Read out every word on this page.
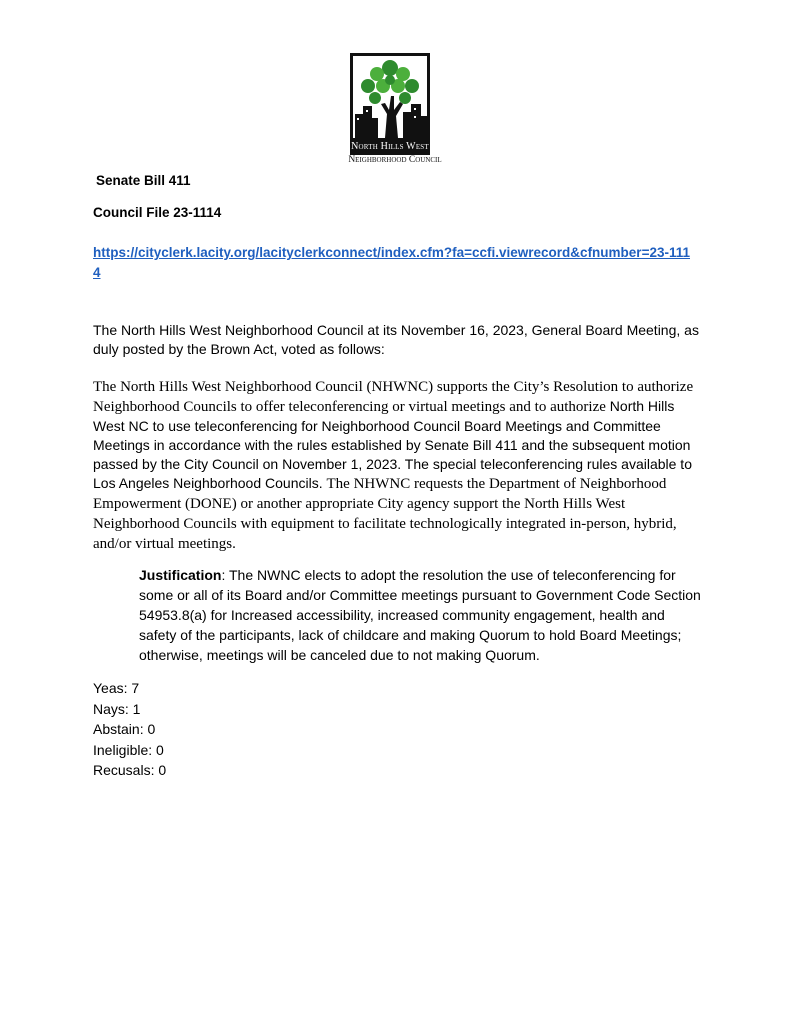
North Hills West
Neighborhood Council
Senate Bill 411
Council File 23-1114
https://cityclerk.lacity.org/lacityclerkconnect/index.cfm?fa=ccfi.viewrecord&cfnumber=23-1114
The North Hills West Neighborhood Council at its November 16, 2023, General Board Meeting, as duly posted by the Brown Act, voted as follows:
The North Hills West Neighborhood Council (NHWNC) supports the City’s Resolution to authorize Neighborhood Councils to offer teleconferencing or virtual meetings and to authorize North Hills West NC to use teleconferencing for Neighborhood Council Board Meetings and Committee Meetings in accordance with the rules established by Senate Bill 411 and the subsequent motion passed by the City Council on November 1, 2023. The special teleconferencing rules available to Los Angeles Neighborhood Councils. The NHWNC requests the Department of Neighborhood Empowerment (DONE) or another appropriate City agency support the North Hills West Neighborhood Councils with equipment to facilitate technologically integrated in-person, hybrid, and/or virtual meetings.
Justification: The NWNC elects to adopt the resolution the use of teleconferencing for some or all of its Board and/or Committee meetings pursuant to Government Code Section 54953.8(a) for Increased accessibility, increased community engagement, health and safety of the participants, lack of childcare and making Quorum to hold Board Meetings; otherwise, meetings will be canceled due to not making Quorum.
Yeas: 7
Nays: 1
Abstain: 0
Ineligible: 0
Recusals: 0
